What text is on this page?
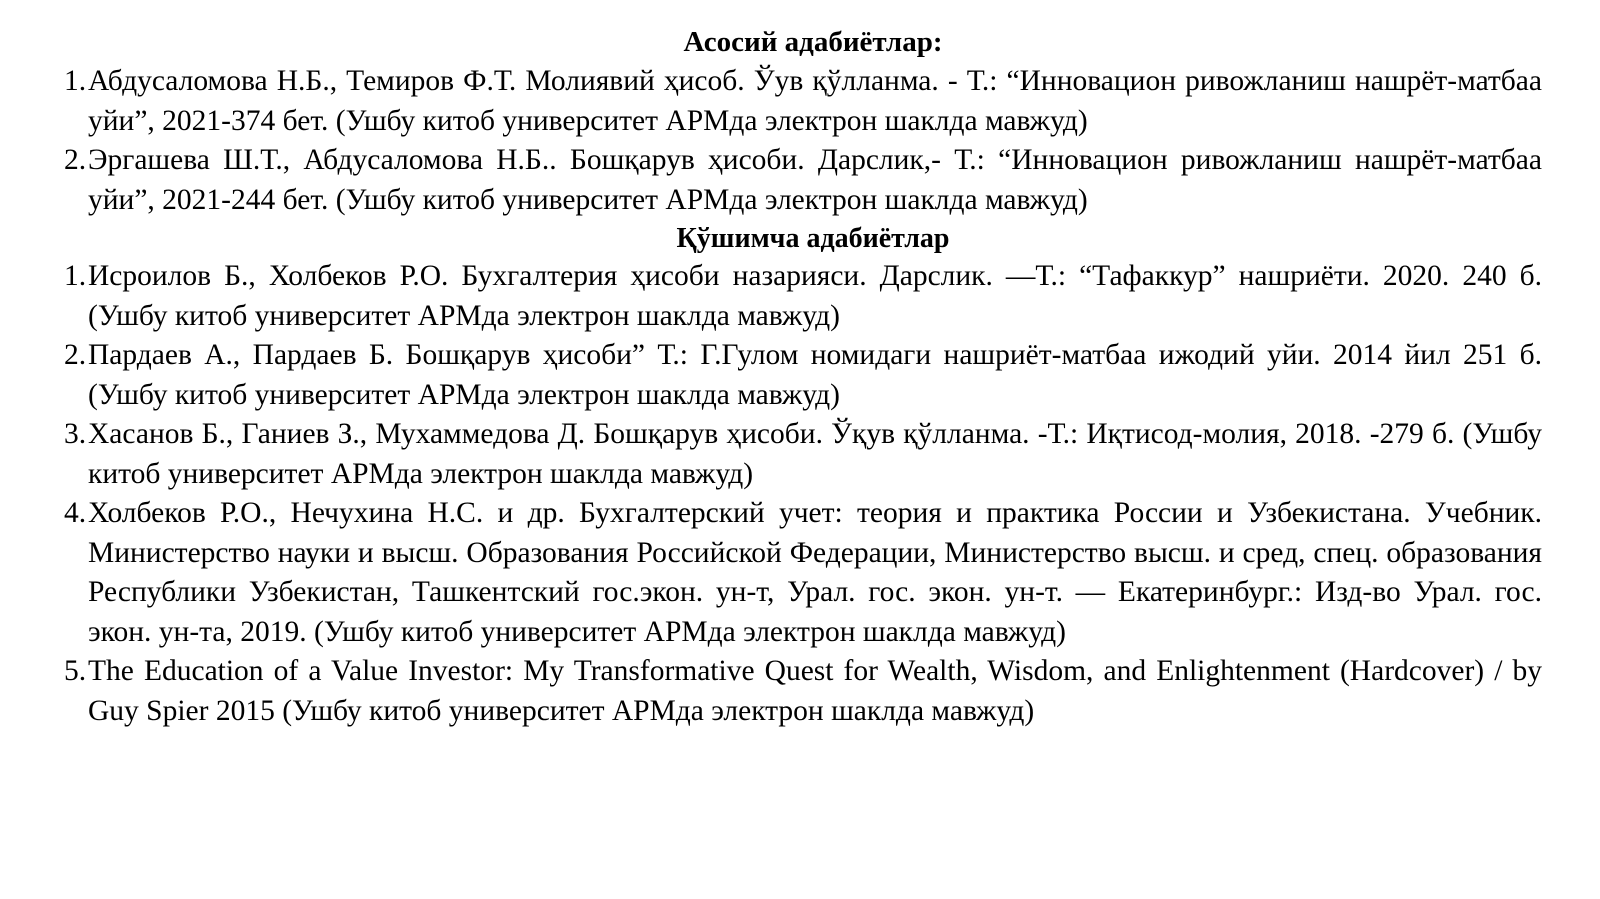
Асосий адабиётлар:
1. Абдусаломова Н.Б., Темиров Ф.Т. Молиявий ҳисоб. Ўув қўлланма. - Т.: “Инновацион ривожланиш нашрёт-матбаа уйи”, 2021-374 бет. (Ушбу китоб университет АРМда электрон шаклда мавжуд)
2. Эргашева Ш.Т., Абдусаломова Н.Б.. Бошқарув ҳисоби. Дарслик,- Т.: “Инновацион ривожланиш нашрёт-матбаа уйи”, 2021-244 бет. (Ушбу китоб университет АРМда электрон шаклда мавжуд)
Қўшимча адабиётлар
1. Исроилов Б., Холбеков Р.О. Бухгалтерия ҳисоби назарияси. Дарслик. —Т.: “Тафаккур” нашриёти. 2020. 240 б. (Ушбу китоб университет АРМда электрон шаклда мавжуд)
2. Пардаев А., Пардаев Б. Бошқарув ҳисоби” Т.: Г.Гулом номидаги нашриёт-матбаа ижодий уйи. 2014 йил 251 б. (Ушбу китоб университет АРМда электрон шаклда мавжуд)
3. Хасанов Б., Ганиев З., Мухаммедова Д. Бошқарув ҳисоби. Ўқув қўлланма. -Т.: Иқтисод-молия, 2018. -279 б. (Ушбу китоб университет АРМда электрон шаклда мавжуд)
4. Холбеков Р.О., Нечухина Н.С. и др. Бухгалтерский учет: теория и практика России и Узбекистана. Учебник. Министерство науки и высш. Образования Российской Федерации, Министерство высш. и сред, спец. образования Республики Узбекистан, Ташкентский гос.экон. ун-т, Урал. гос. экон. ун-т. — Екатеринбург.: Изд-во Урал. гос. экон. ун-та, 2019. (Ушбу китоб университет АРМда электрон шаклда мавжуд)
5. The Education of a Value Investor: My Transformative Quest for Wealth, Wisdom, and Enlightenment (Hardcover) / by Guy Spier 2015 (Ушбу китоб университет АРМда электрон шаклда мавжуд)
